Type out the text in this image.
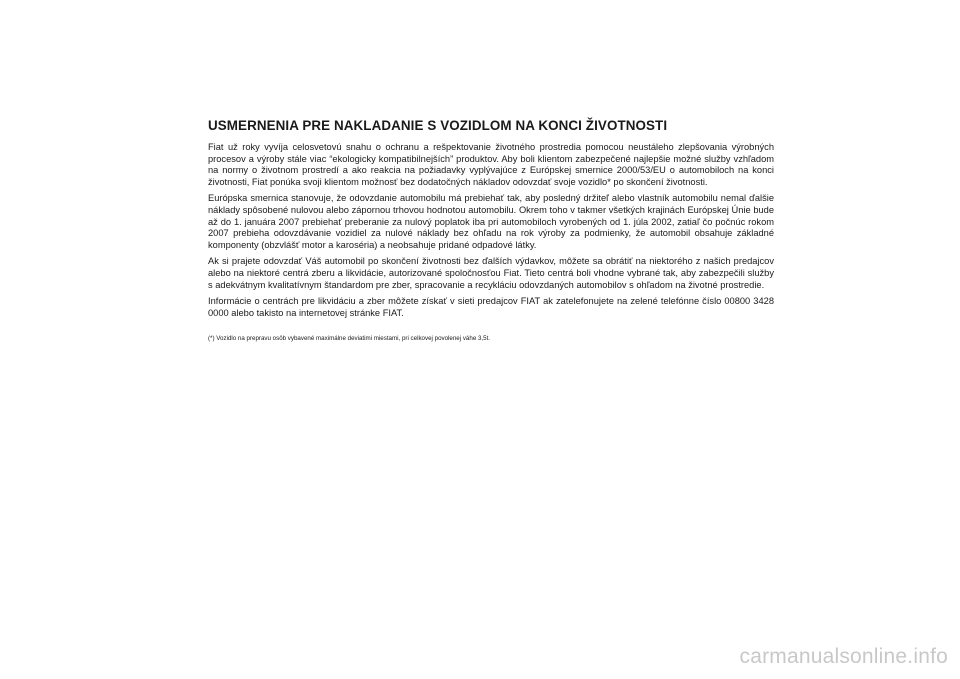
USMERNENIA PRE NAKLADANIE S VOZIDLOM NA KONCI ŽIVOTNOSTI

Fiat už roky vyvíja celosvetovú snahu o ochranu a rešpektovanie životného prostredia pomocou neustáleho zlepšovania výrobných procesov a výroby stále viac “ekologicky kompatibilnejších” produktov. Aby boli klientom zabezpečené najlepšie možné služby vzhľadom na normy o životnom prostredí a ako reakcia na požiadavky vyplývajúce z Európskej smernice 2000/53/EU o automobiloch na konci životnosti, Fiat ponúka svoji klientom možnosť bez dodatočných nákladov odovzdať svoje vozidlo* po skončení životnosti.

Európska smernica stanovuje, že odovzdanie automobilu má prebiehať tak, aby posledný držiteľ alebo vlastník automobilu nemal ďalšie náklady spôsobené nulovou alebo zápornou trhovou hodnotou automobilu. Okrem toho v takmer všetkých krajinách Európskej Únie bude až do 1. januára 2007 prebiehať preberanie za nulový poplatok iba pri automobiloch vyrobených od 1. júla 2002, zatiaľ čo počnúc rokom 2007 prebieha odovzdávanie vozidiel za nulové náklady bez ohľadu na rok výroby za podmienky, že automobil obsahuje základné komponenty (obzvlášť motor a karoséria) a neobsahuje pridané odpadové látky.

Ak si prajete odovzdať Váš automobil po skončení životnosti bez ďalších výdavkov, môžete sa obrátiť na niektorého z našich predajcov alebo na niektoré centrá zberu a likvidácie, autorizované spoločnosťou Fiat. Tieto centrá boli vhodne vybrané tak, aby zabezpečili služby s adekvátnym kvalitatívnym štandardom pre zber, spracovanie a recykláciu odovzdaných automobilov s ohľadom na životné prostredie.

Informácie o centrách pre likvidáciu a zber môžete získať v sieti predajcov FIAT ak zatelefonujete na zelené telefónne číslo 00800 3428 0000 alebo takisto na internetovej stránke FIAT.

(*) Vozidlo na prepravu osôb vybavené maximálne deviatimi miestami, pri celkovej povolenej váhe 3,5t.
carmanualsonline.info
